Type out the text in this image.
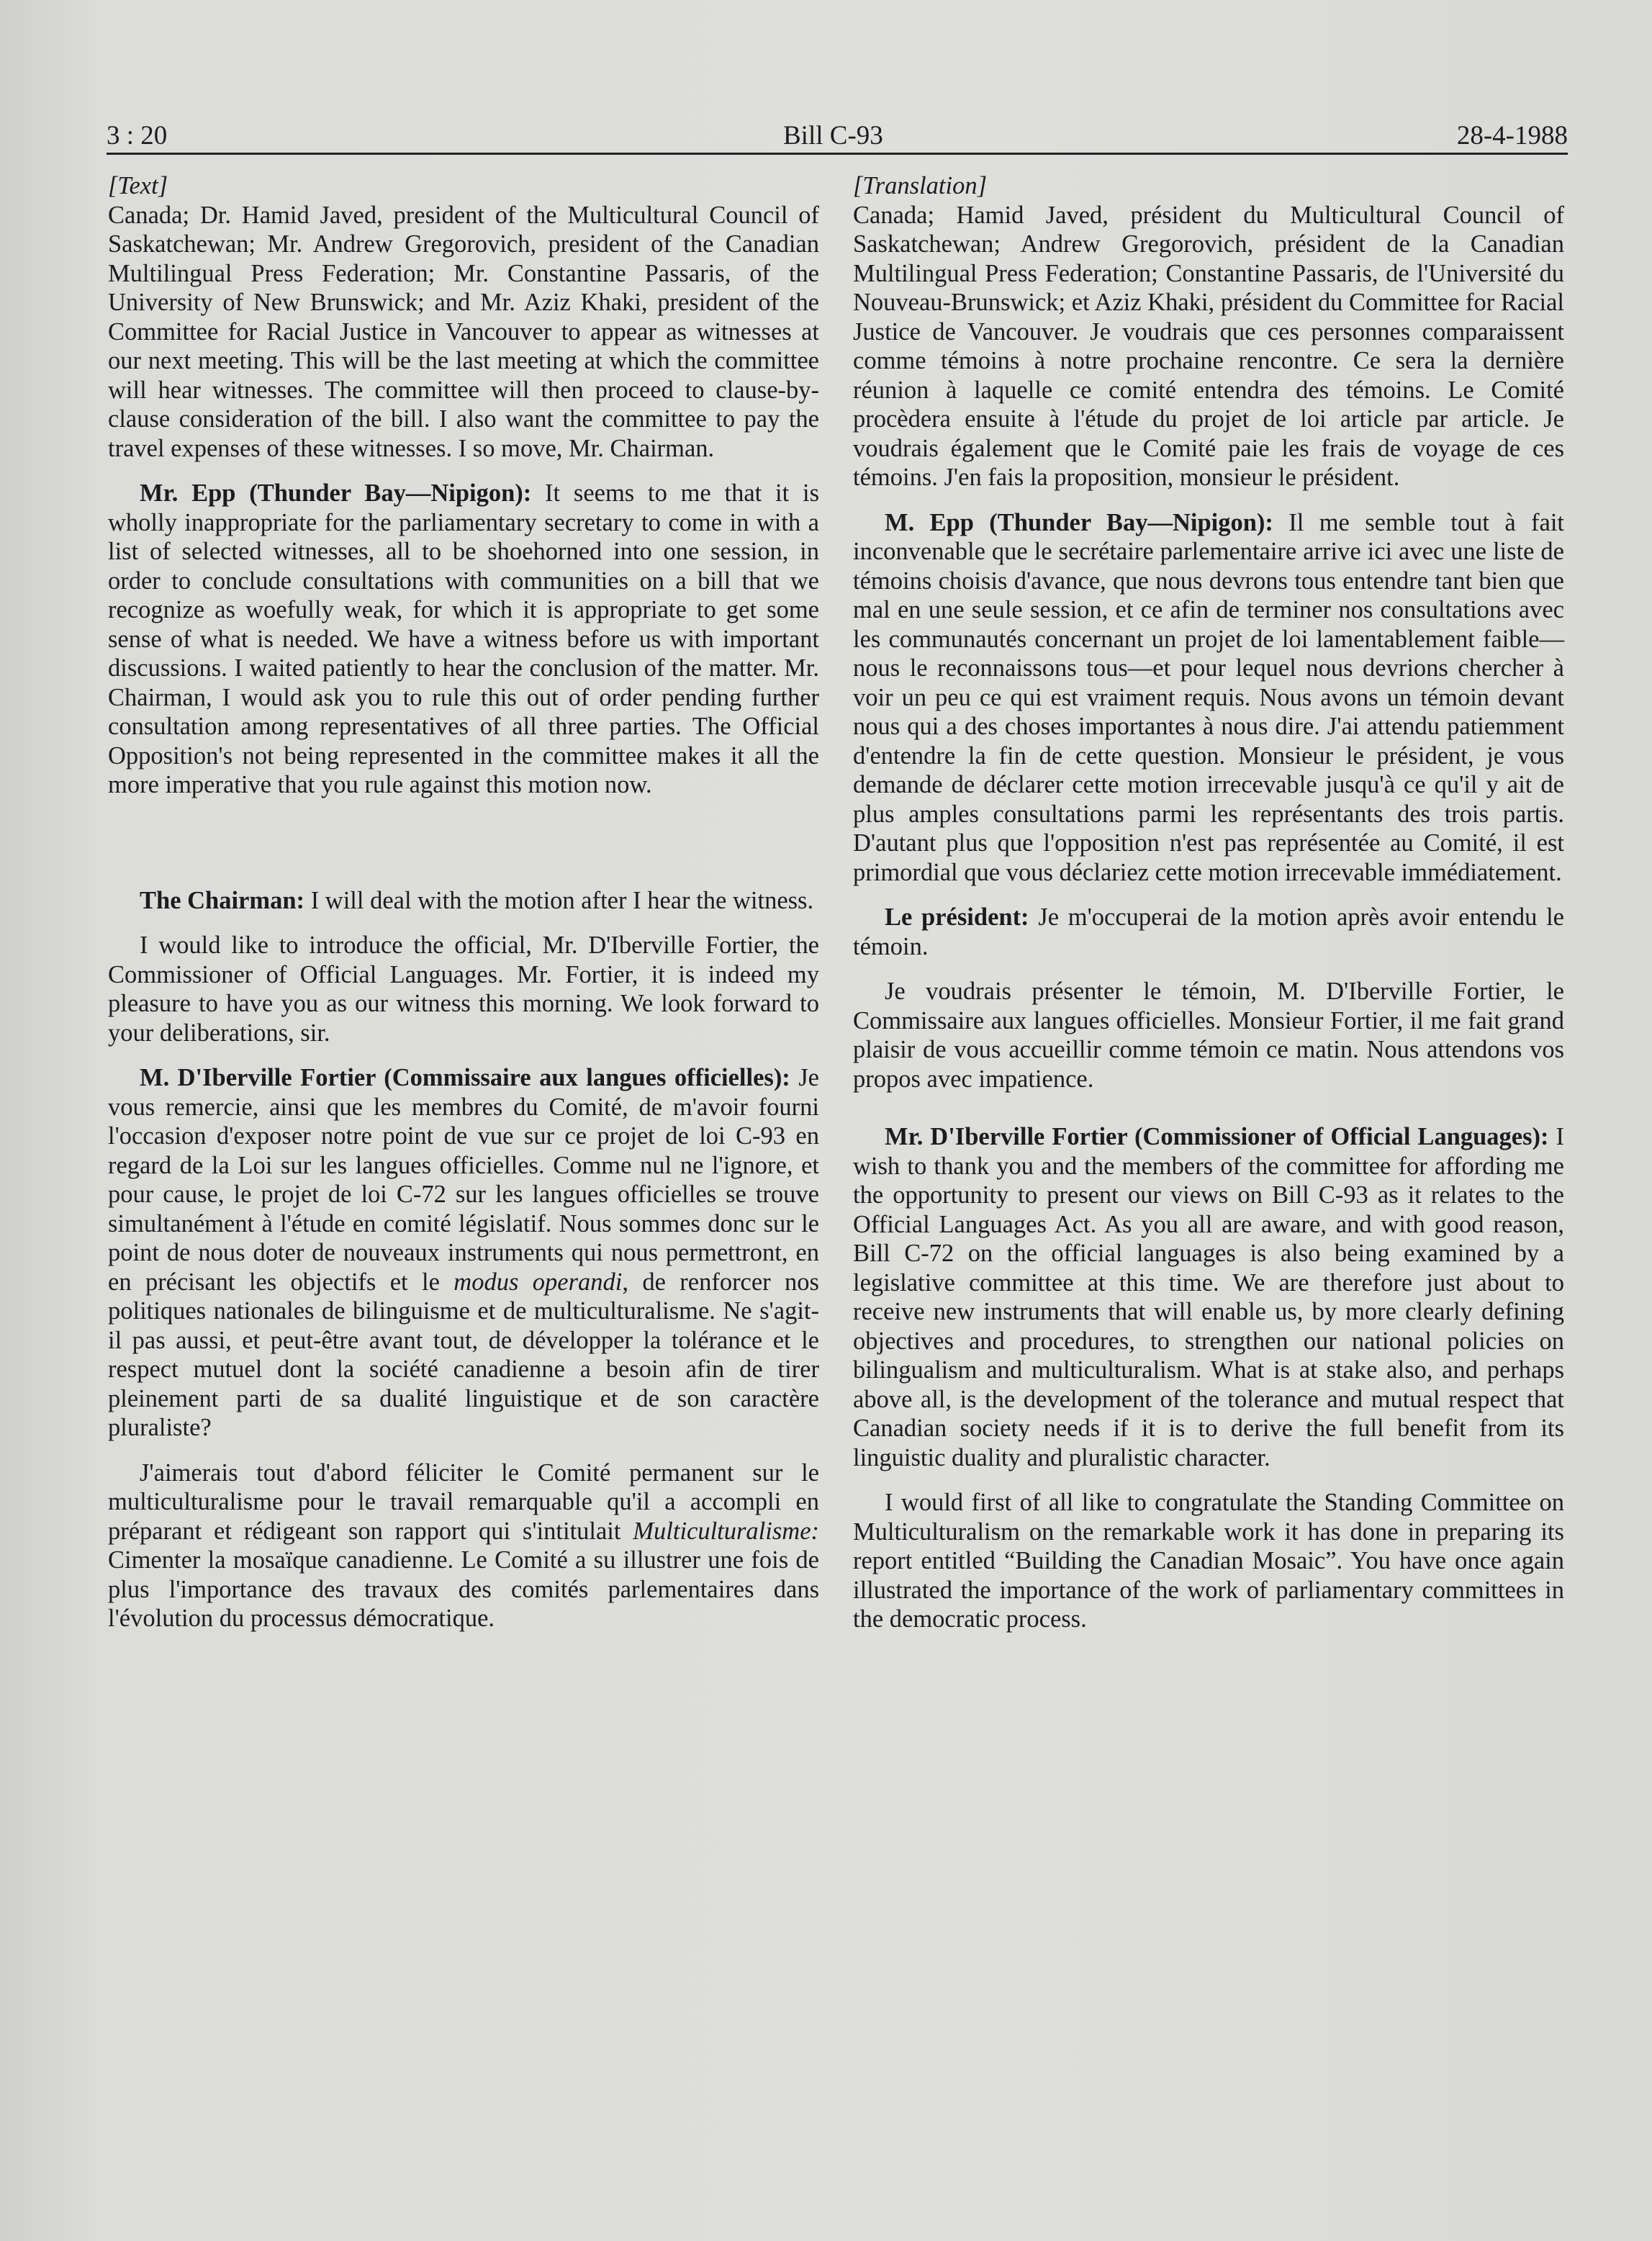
3 : 20	Bill C-93	28-4-1988

[Text]

Canada; Dr. Hamid Javed, president of the Multicultural Council of Saskatchewan; Mr. Andrew Gregorovich, president of the Canadian Multilingual Press Federation; Mr. Constantine Passaris, of the University of New Brunswick; and Mr. Aziz Khaki, president of the Committee for Racial Justice in Vancouver to appear as witnesses at our next meeting. This will be the last meeting at which the committee will hear witnesses. The committee will then proceed to clause-by-clause consideration of the bill. I also want the committee to pay the travel expenses of these witnesses. I so move, Mr. Chairman.

Mr. Epp (Thunder Bay—Nipigon): It seems to me that it is wholly inappropriate for the parliamentary secretary to come in with a list of selected witnesses, all to be shoehorned into one session, in order to conclude consultations with communities on a bill that we recognize as woefully weak, for which it is appropriate to get some sense of what is needed. We have a witness before us with important discussions. I waited patiently to hear the conclusion of the matter. Mr. Chairman, I would ask you to rule this out of order pending further consultation among representatives of all three parties. The Official Opposition's not being represented in the committee makes it all the more imperative that you rule against this motion now.

The Chairman: I will deal with the motion after I hear the witness.

I would like to introduce the official, Mr. D'Iberville Fortier, the Commissioner of Official Languages. Mr. Fortier, it is indeed my pleasure to have you as our witness this morning. We look forward to your deliberations, sir.

M. D'Iberville Fortier (Commissaire aux langues officielles): Je vous remercie, ainsi que les membres du Comité, de m'avoir fourni l'occasion d'exposer notre point de vue sur ce projet de loi C-93 en regard de la Loi sur les langues officielles. Comme nul ne l'ignore, et pour cause, le projet de loi C-72 sur les langues officielles se trouve simultanément à l'étude en comité législatif. Nous sommes donc sur le point de nous doter de nouveaux instruments qui nous permettront, en en précisant les objectifs et le modus operandi, de renforcer nos politiques nationales de bilinguisme et de multiculturalisme. Ne s'agit-il pas aussi, et peut-être avant tout, de développer la tolérance et le respect mutuel dont la société canadienne a besoin afin de tirer pleinement parti de sa dualité linguistique et de son caractère pluraliste?

J'aimerais tout d'abord féliciter le Comité permanent sur le multiculturalisme pour le travail remarquable qu'il a accompli en préparant et rédigeant son rapport qui s'intitulait Multiculturalisme: Cimenter la mosaïque canadienne. Le Comité a su illustrer une fois de plus l'importance des travaux des comités parlementaires dans l'évolution du processus démocratique.

[Translation]

Canada; Hamid Javed, président du Multicultural Council of Saskatchewan; Andrew Gregorovich, président de la Canadian Multilingual Press Federation; Constantine Passaris, de l'Université du Nouveau-Brunswick; et Aziz Khaki, président du Committee for Racial Justice de Vancouver. Je voudrais que ces personnes comparaissent comme témoins à notre prochaine rencontre. Ce sera la dernière réunion à laquelle ce comité entendra des témoins. Le Comité procèdera ensuite à l'étude du projet de loi article par article. Je voudrais également que le Comité paie les frais de voyage de ces témoins. J'en fais la proposition, monsieur le président.

M. Epp (Thunder Bay—Nipigon): Il me semble tout à fait inconvenable que le secrétaire parlementaire arrive ici avec une liste de témoins choisis d'avance, que nous devrons tous entendre tant bien que mal en une seule session, et ce afin de terminer nos consultations avec les communautés concernant un projet de loi lamentablement faible—nous le reconnaissons tous—et pour lequel nous devrions chercher à voir un peu ce qui est vraiment requis. Nous avons un témoin devant nous qui a des choses importantes à nous dire. J'ai attendu patiemment d'entendre la fin de cette question. Monsieur le président, je vous demande de déclarer cette motion irrecevable jusqu'à ce qu'il y ait de plus amples consultations parmi les représentants des trois partis. D'autant plus que l'opposition n'est pas représentée au Comité, il est primordial que vous déclariez cette motion irrecevable immédiatement.

Le président: Je m'occuperai de la motion après avoir entendu le témoin.

Je voudrais présenter le témoin, M. D'Iberville Fortier, le Commissaire aux langues officielles. Monsieur Fortier, il me fait grand plaisir de vous accueillir comme témoin ce matin. Nous attendons vos propos avec impatience.

Mr. D'Iberville Fortier (Commissioner of Official Languages): I wish to thank you and the members of the committee for affording me the opportunity to present our views on Bill C-93 as it relates to the Official Languages Act. As you all are aware, and with good reason, Bill C-72 on the official languages is also being examined by a legislative committee at this time. We are therefore just about to receive new instruments that will enable us, by more clearly defining objectives and procedures, to strengthen our national policies on bilingualism and multiculturalism. What is at stake also, and perhaps above all, is the development of the tolerance and mutual respect that Canadian society needs if it is to derive the full benefit from its linguistic duality and pluralistic character.

I would first of all like to congratulate the Standing Committee on Multiculturalism on the remarkable work it has done in preparing its report entitled “Building the Canadian Mosaic”. You have once again illustrated the importance of the work of parliamentary committees in the democratic process.
